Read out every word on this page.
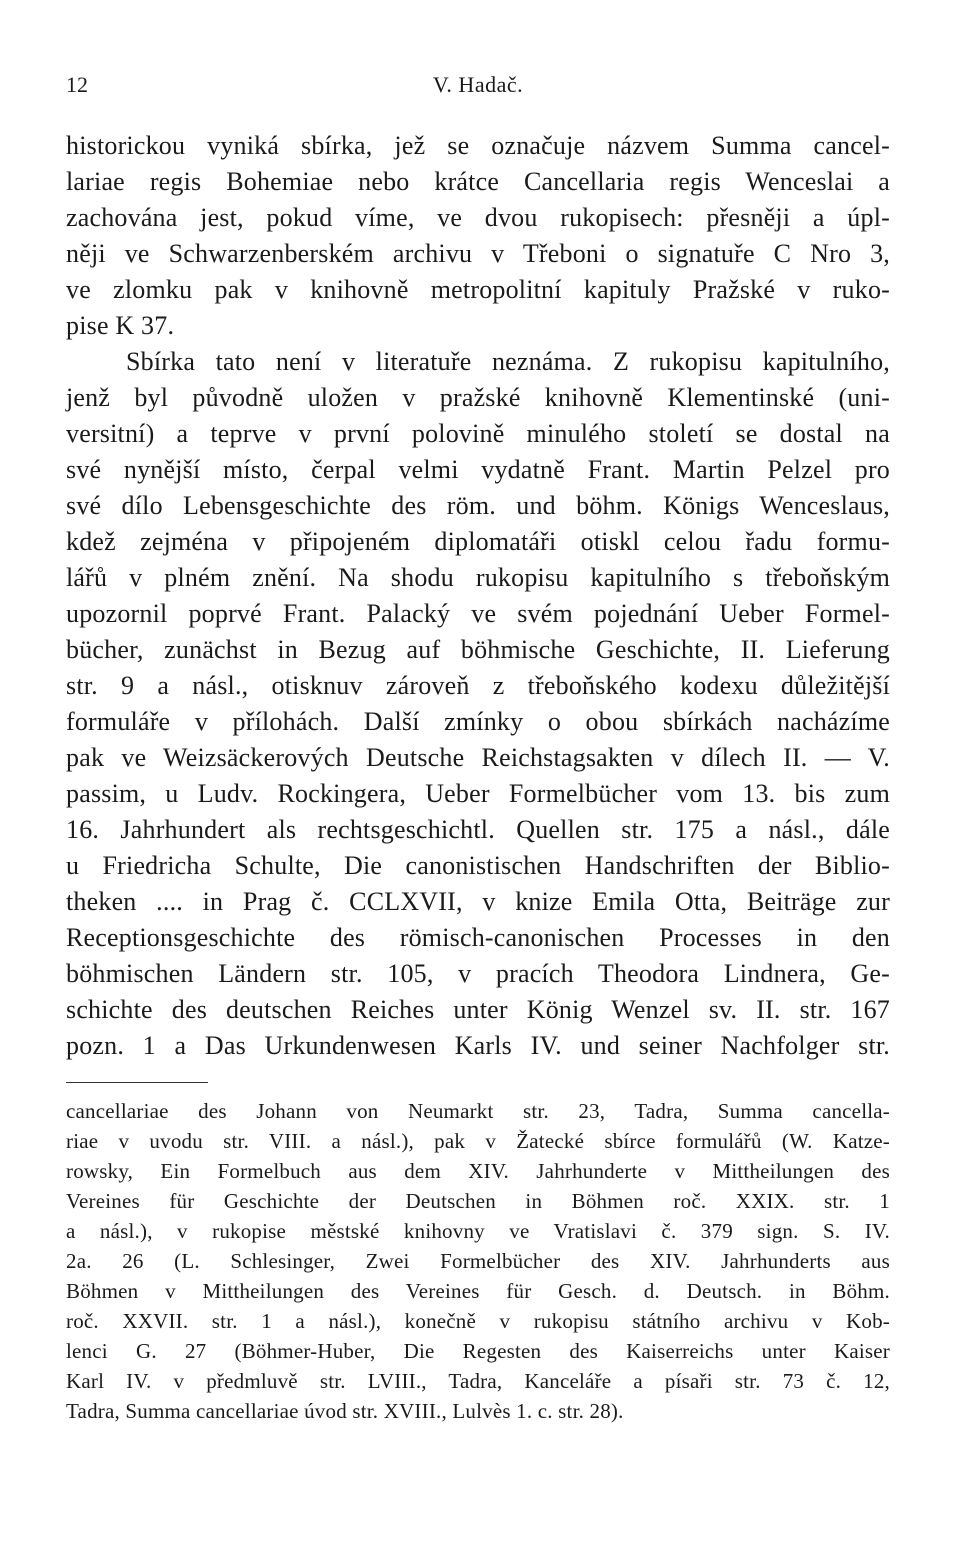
12	V. Hadač.
historickou vyniká sbírka, jež se označuje názvem Summa cancel-
lariae regis Bohemiae nebo krátce Cancellaria regis Wenceslai a
zachována jest, pokud víme, ve dvou rukopisech: přesněji a úpl-
něji ve Schwarzenberském archivu v Třeboni o signatuře C Nro 3,
ve zlomku pak v knihovně metropolitní kapituly Pražské v ruko-
pise K 37.
Sbírka tato není v literatuře neznáma. Z rukopisu kapitulního,
jenž byl původně uložen v pražské knihovně Klementinské (uni-
versitní) a teprve v první polovině minulého století se dostal na
své nynější místo, čerpal velmi vydatně Frant. Martin Pelzel pro
své dílo Lebensgeschichte des röm. und böhm. Königs Wenceslaus,
kdež zejména v připojeném diplomatáři otiskl celou řadu formu-
lářů v plném znění. Na shodu rukopisu kapitulního s třeboňským
upozornil poprvé Frant. Palacký ve svém pojednání Ueber Formel-
bücher, zunächst in Bezug auf böhmische Geschichte, II. Lieferung
str. 9 a násl., otisknuv zároveň z třeboňského kodexu důležitější
formuláře v přílohách. Další zmínky o obou sbírkách nacházíme
pak ve Weizsäckerových Deutsche Reichstagsakten v dílech II. — V.
passim, u Ludv. Rockingera, Ueber Formelbücher vom 13. bis zum
16. Jahrhundert als rechtsgeschichtl. Quellen str. 175 a násl., dále
u Friedricha Schulte, Die canonistischen Handschriften der Biblio-
theken .... in Prag č. CCLXVII, v knize Emila Otta, Beiträge zur
Receptionsgeschichte des römisch-canonischen Processes in den
böhmischen Ländern str. 105, v pracích Theodora Lindnera, Ge-
schichte des deutschen Reiches unter König Wenzel sv. II. str. 167
pozn. 1 a Das Urkundenwesen Karls IV. und seiner Nachfolger str.
cancellariae des Johann von Neumarkt str. 23, Tadra, Summa cancella-
riae v uvodu str. VIII. a násl.), pak v Žatecké sbírce formulářů (W. Katze-
rowsky, Ein Formelbuch aus dem XIV. Jahrhunderte v Mittheilungen des
Vereines für Geschichte der Deutschen in Böhmen roč. XXIX. str. 1
a násl.), v rukopise městské knihovny ve Vratislavi č. 379 sign. S. IV.
2a. 26 (L. Schlesinger, Zwei Formelbücher des XIV. Jahrhunderts aus
Böhmen v Mittheilungen des Vereines für Gesch. d. Deutsch. in Böhm.
roč. XXVII. str. 1 a násl.), konečně v rukopisu státního archivu v Kob-
lenci G. 27 (Böhmer-Huber, Die Regesten des Kaiserreichs unter Kaiser
Karl IV. v předmluvě str. LVIII., Tadra, Kanceláře a písaři str. 73 č. 12,
Tadra, Summa cancellariae úvod str. XVIII., Lulvès 1. c. str. 28).
